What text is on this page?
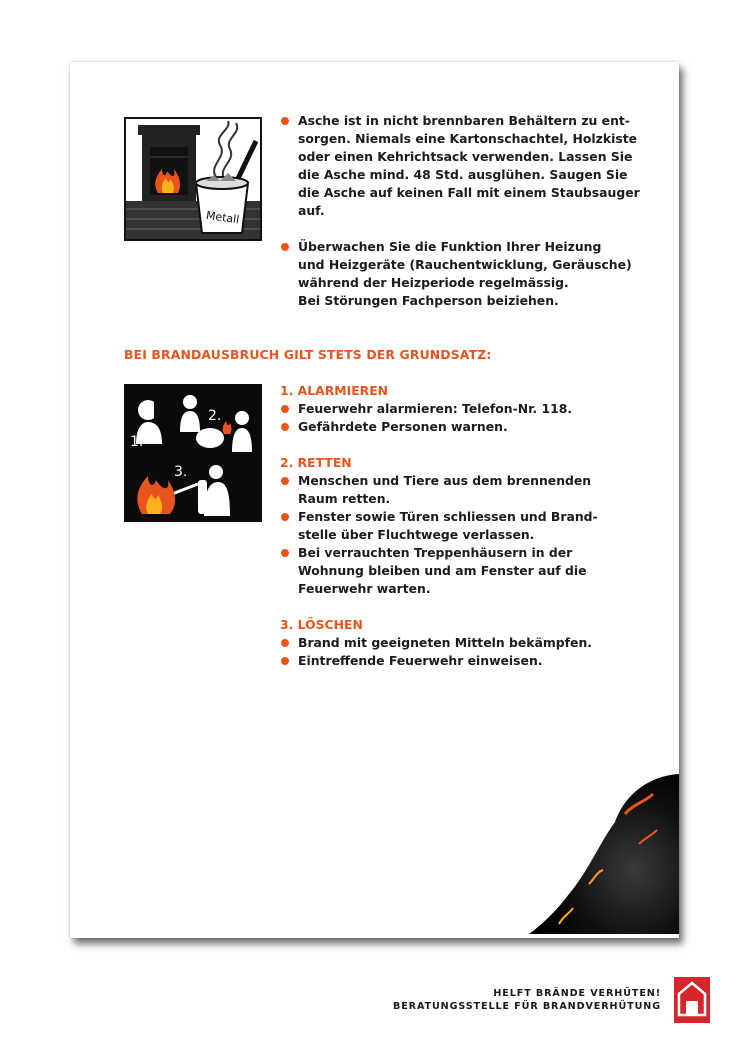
Metall
Asche ist in nicht brennbaren Behältern zu ent-
sorgen. Niemals eine Kartonschachtel, Holzkiste
oder einen Kehrichtsack verwenden. Lassen Sie
die Asche mind. 48 Std. ausglühen. Saugen Sie
die Asche auf keinen Fall mit einem Staubsauger
auf.
Überwachen Sie die Funktion Ihrer Heizung
und Heizgeräte (Rauchentwicklung, Geräusche)
während der Heizperiode regelmässig.
Bei Störungen Fachperson beiziehen.
BEI BRANDAUSBRUCH GILT STETS DER GRUNDSATZ:
1.
2.
3.
1. ALARMIEREN
Feuerwehr alarmieren: Telefon-Nr. 118.
Gefährdete Personen warnen.
2. RETTEN
Menschen und Tiere aus dem brennenden
Raum retten.
Fenster sowie Türen schliessen und Brand-
stelle über Fluchtwege verlassen.
Bei verrauchten Treppenhäusern in der
Wohnung bleiben und am Fenster auf die
Feuerwehr warten.
3. LÖSCHEN
Brand mit geeigneten Mitteln bekämpfen.
Eintreffende Feuerwehr einweisen.
HELFT BRÄNDE VERHÜTEN!
BERATUNGSSTELLE FÜR BRANDVERHÜTUNG
